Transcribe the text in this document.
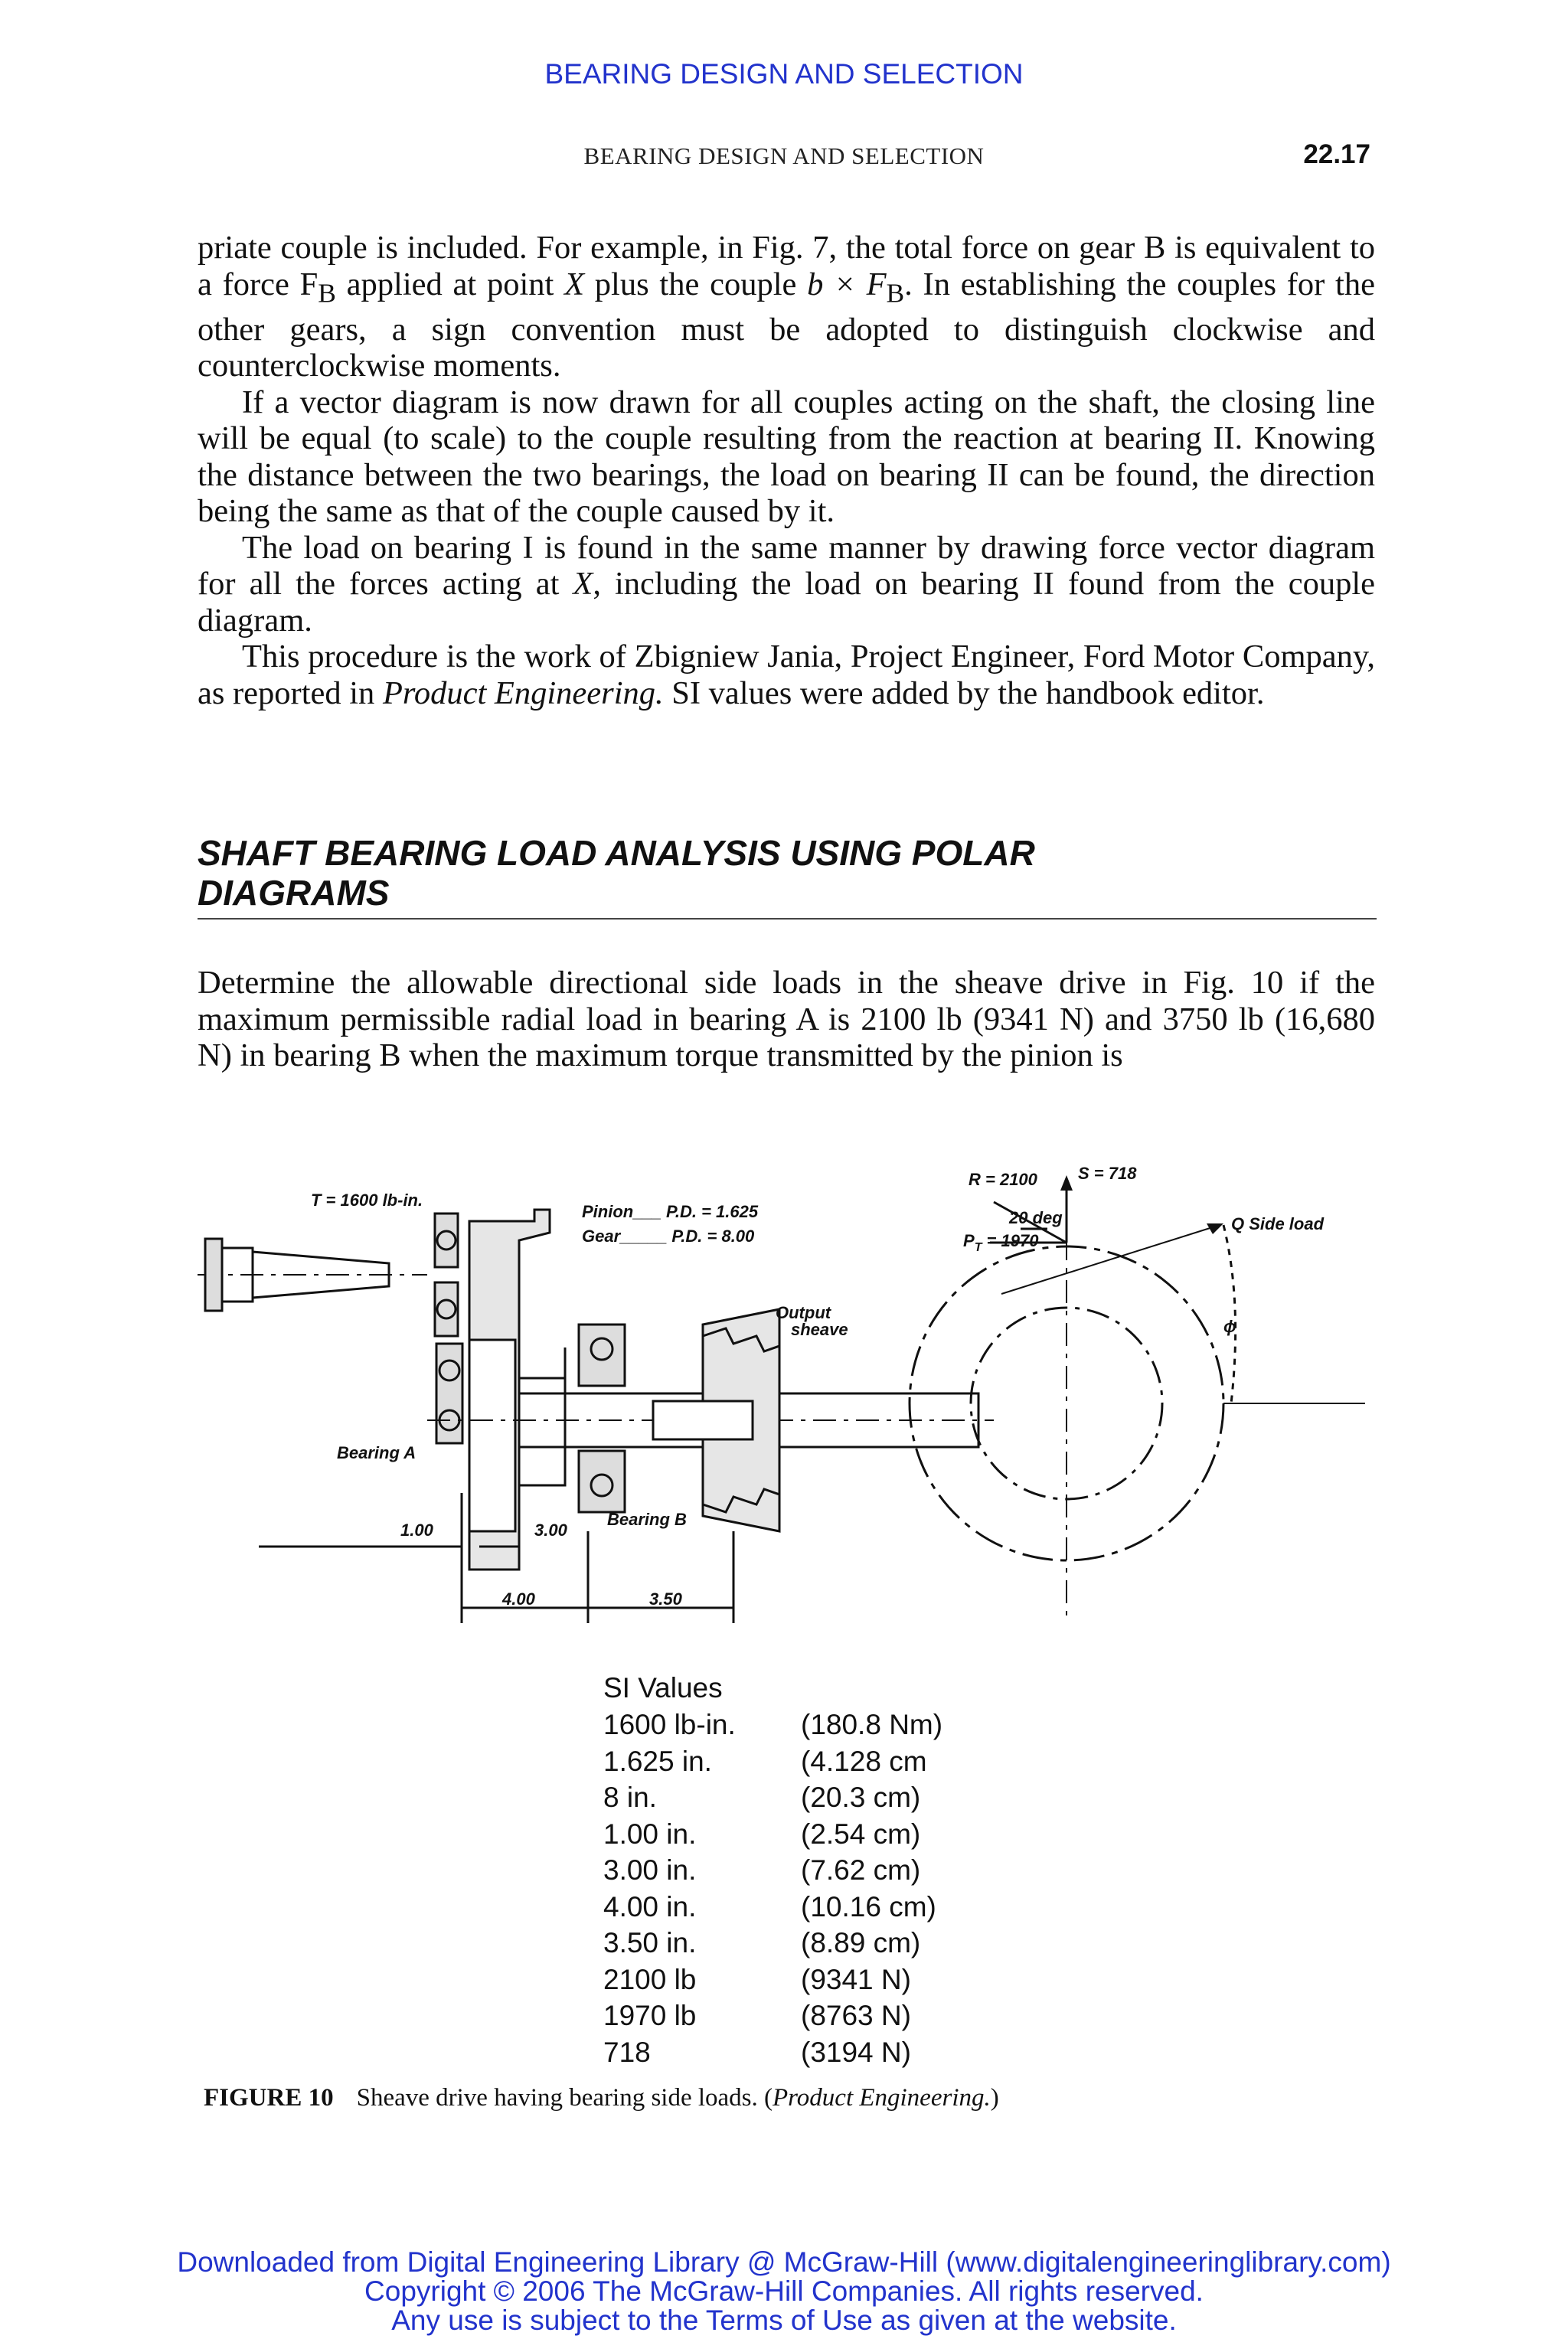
BEARING DESIGN AND SELECTION
BEARING DESIGN AND SELECTION	22.17

priate couple is included. For example, in Fig. 7, the total force on gear B is equivalent to a force $F_B$ applied at point X plus the couple $b \times F_B$. In establishing the couples for the other gears, a sign convention must be adopted to distinguish clockwise and counterclockwise moments.

If a vector diagram is now drawn for all couples acting on the shaft, the closing line will be equal (to scale) to the couple resulting from the reaction at bearing II. Knowing the distance between the two bearings, the load on bearing II can be found, the direction being the same as that of the couple caused by it.

The load on bearing I is found in the same manner by drawing force vector diagram for all the forces acting at X, including the load on bearing II found from the couple diagram.

This procedure is the work of Zbigniew Jania, Project Engineer, Ford Motor Company, as reported in Product Engineering. SI values were added by the handbook editor.

SHAFT BEARING LOAD ANALYSIS USING POLAR
DIAGRAMS

Determine the allowable directional side loads in the sheave drive in Fig. 10 if the maximum permissible radial load in bearing A is 2100 lb (9341 N) and 3750 lb (16,680 N) in bearing B when the maximum torque transmitted by the pinion is

T = 1600 lb-in.
Pinion___ P.D. = 1.625
Gear_____ P.D. = 8.00
Output
sheave
Bearing A
Bearing B
1.00	3.00
4.00	3.50
R = 2100 S = 718
20 deg
$P_T = 1970$
Q Side load
ϕ
SI Values
1600 lb-in. (180.8 Nm)
1.625 in.	(4.128 cm
8 in.	(20.3 cm)
1.00 in.	(2.54 cm)
3.00 in.	(7.62 cm)
4.00 in.	(10.16 cm)
3.50 in.	(8.89 cm)
2100 lb	(9341 N)
1970 lb	(8763 N)
718	(3194 N)
FIGURE 10 Sheave drive having bearing side loads. (Product Engineering.)
Downloaded from Digital Engineering Library @ McGraw-Hill (www.digitalengineeringlibrary.com)
Copyright © 2006 The McGraw-Hill Companies. All rights reserved.
Any use is subject to the Terms of Use as given at the website.
